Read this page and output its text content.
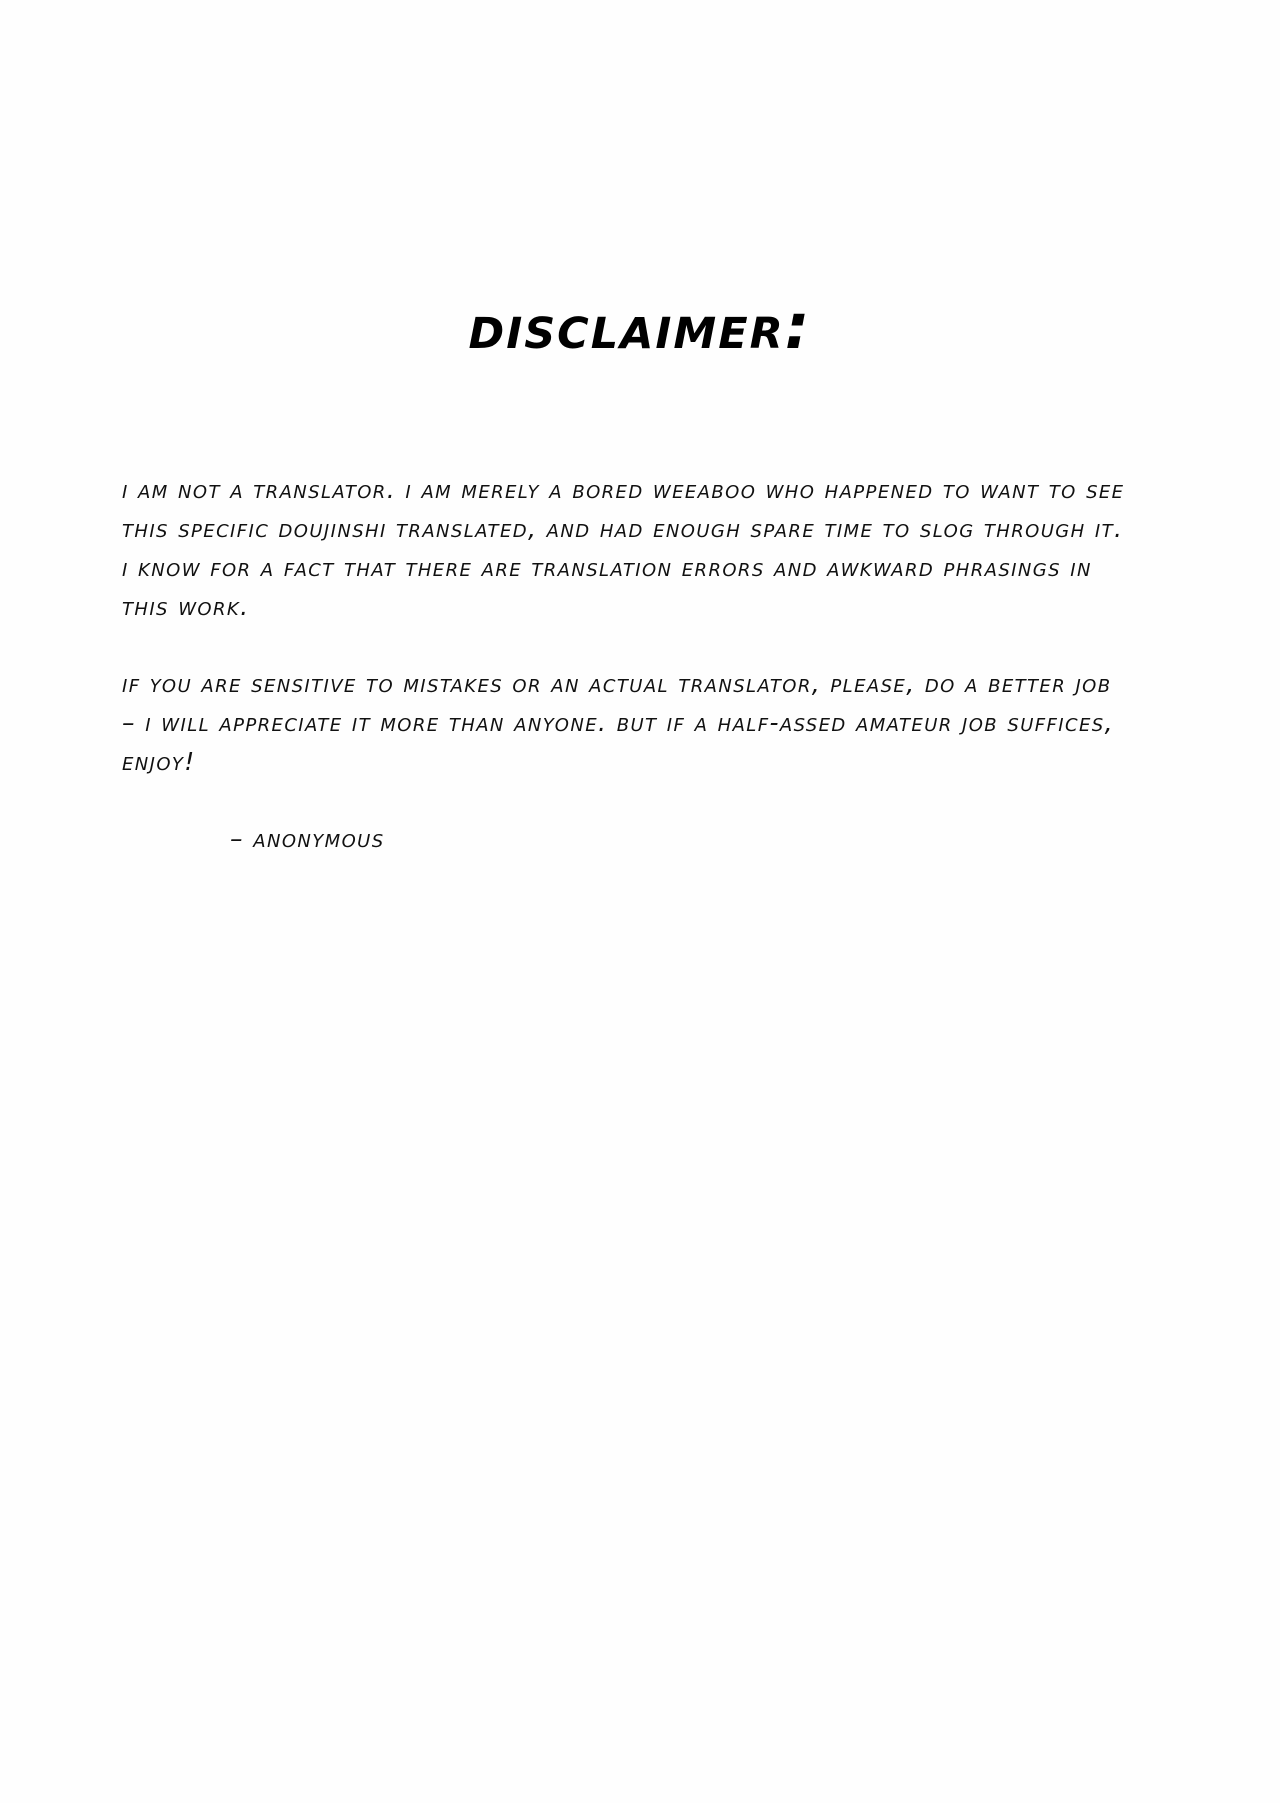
disclaimer:

i am not a translator. i am merely a bored weeaboo who happened to want to see this specific doujinshi translated, and had enough spare time to slog through it. i know for a fact that there are translation errors and awkward phrasings in this work.

if you are sensitive to mistakes or an actual translator, please, do a better job – i will appreciate it more than anyone. but if a half-assed amateur job suffices, enjoy!

– anonymous
